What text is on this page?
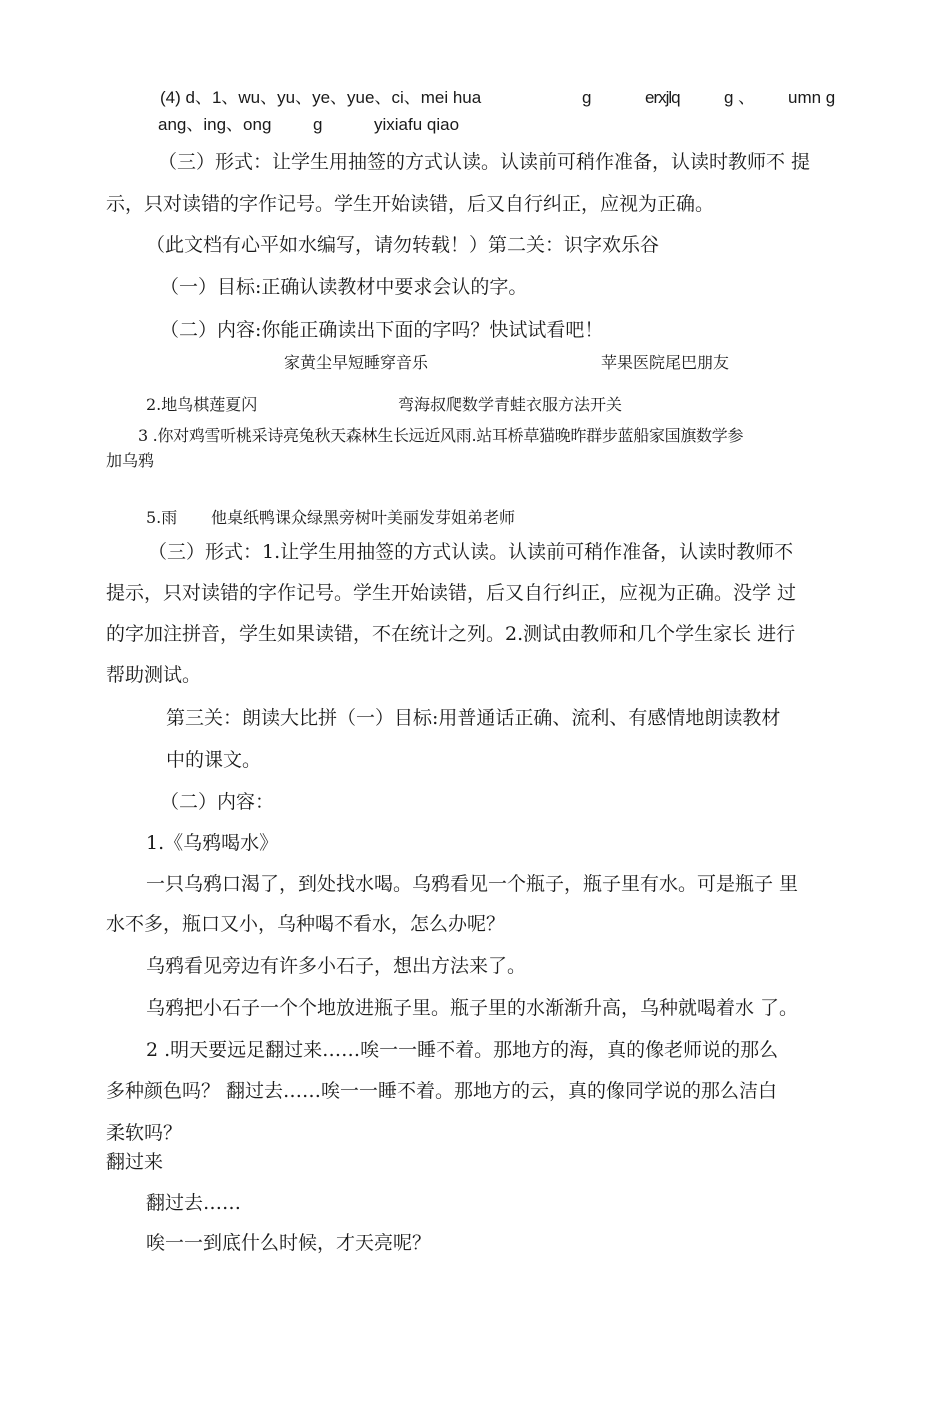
(4) d、1、wu、yu、ye、yue、ci、mei hua	g	erxjlq	g 、 umn g
ang、ing、ong g	yixiafu qiao
（三）形式：让学生用抽签的方式认读。认读前可稍作准备，认读时教师不 提
示，只对读错的字作记号。学生开始读错，后又自行纠正，应视为正确。
（此文档有心平如水编写，请勿转载！）第二关：识字欢乐谷
（一）目标:正确认读教材中要求会认的字。
（二）内容:你能正确读出下面的字吗？快试试看吧！
家黄尘早短睡穿音乐	苹果医院尾巴朋友
2.地鸟棋莲夏闪	弯海叔爬数学青蛙衣服方法开关
3 .你对鸡雪听桃采诗亮兔秋天森林生长远近风雨.站耳桥草猫晚昨群步蓝船家国旗数学参
加乌鸦
5.雨 他桌纸鸭课众绿黑旁树叶美丽发芽姐弟老师
（三）形式：1.让学生用抽签的方式认读。认读前可稍作准备，认读时教师不
提示，只对读错的字作记号。学生开始读错，后又自行纠正，应视为正确。没学 过
的字加注拼音，学生如果读错，不在统计之列。2.测试由教师和几个学生家长 进行
帮助测试。
第三关：朗读大比拼（一）目标:用普通话正确、流利、有感情地朗读教材
中的课文。
（二）内容：
1.《乌鸦喝水》
一只乌鸦口渴了，到处找水喝。乌鸦看见一个瓶子，瓶子里有水。可是瓶子 里
水不多，瓶口又小，乌种喝不看水，怎么办呢？
乌鸦看见旁边有许多小石子，想出方法来了。
乌鸦把小石子一个个地放进瓶子里。瓶子里的水渐渐升高，乌种就喝着水 了。
2 .明天要远足翻过来……唉一一睡不着。那地方的海，真的像老师说的那么
多种颜色吗？ 翻过去……唉一一睡不着。那地方的云，真的像同学说的那么洁白
柔软吗？
翻过来
翻过去……
唉一一到底什么时候，才天亮呢？
